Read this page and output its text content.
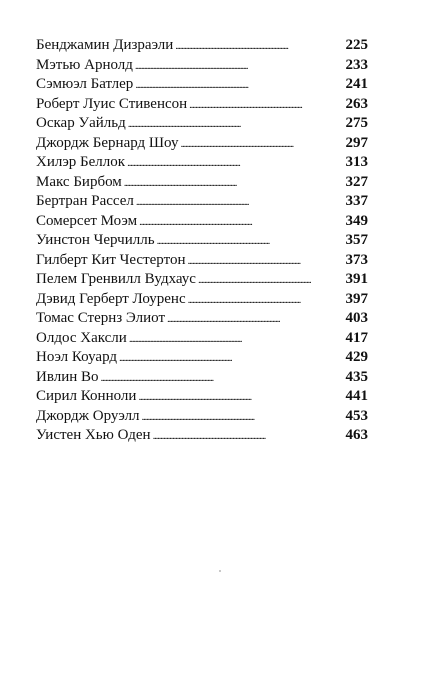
Бенджамин Дизраэли . . .	225
Мэтью Арнолд . . .	233
Сэмюэл Батлер . . .	241
Роберт Луис Стивенсон . . .	263
Оскар Уайльд . . .	275
Джордж Бернард Шоу . . .	297
Хилэр Беллок . . .	313
Макс Бирбом . . .	327
Бертран Рассел . . .	337
Сомерсет Моэм . . .	349
Уинстон Черчилль . . .	357
Гилберт Кит Честертон . . .	373
Пелем Гренвилл Вудхаус . . .	391
Дэвид Герберт Лоуренс . . .	397
Томас Стернз Элиот . . .	403
Олдос Хаксли . . .	417
Ноэл Коуард . . .	429
Ивлин Во . . .	435
Сирил Конноли . . .	441
Джордж Оруэлл . . .	453
Уистен Хью Оден . . .	463
